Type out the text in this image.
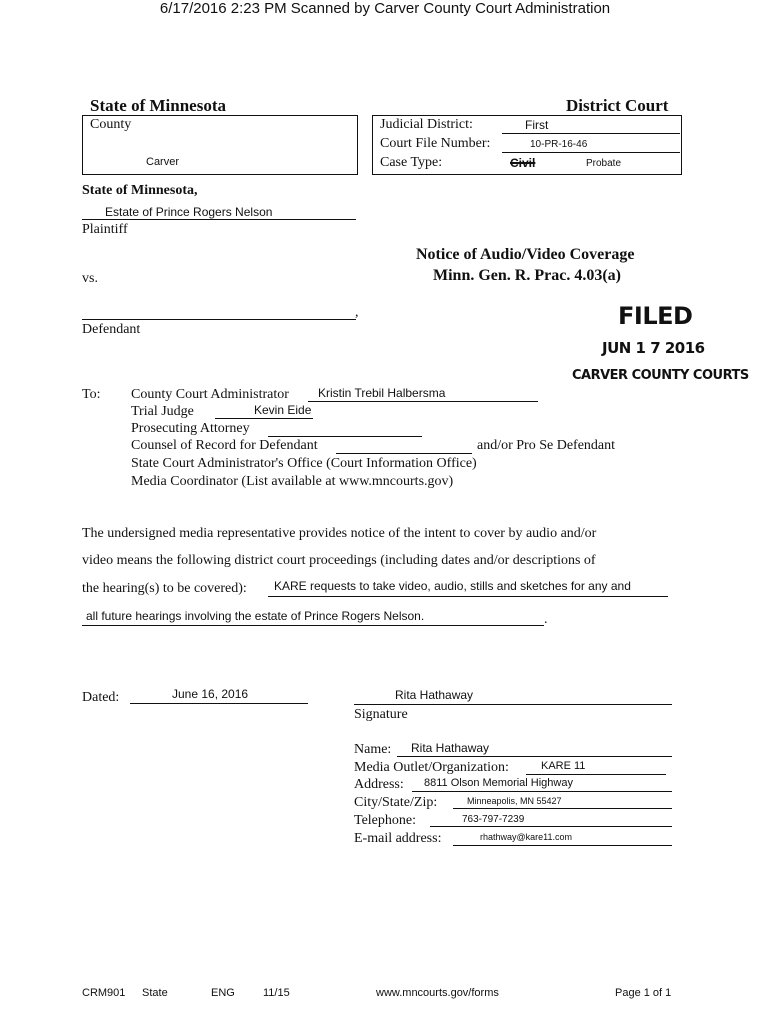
6/17/2016 2:23 PM Scanned by Carver County Court Administration
State of Minnesota	District Court
County
Carver
Judicial District:	First
Court File Number:	10-PR-16-46
Case Type:	Civil	Probate
State of Minnesota,
Estate of Prince Rogers Nelson
Plaintiff
vs.
,
Defendant
Notice of Audio/Video Coverage
Minn. Gen. R. Prac. 4.03(a)
FILED
JUN 1 7 2016
CARVER COUNTY COURTS
To: County Court Administrator Kristin Trebil Halbersma
Trial Judge	Kevin Eide
Prosecuting Attorney
Counsel of Record for Defendant	and/or Pro Se Defendant
State Court Administrator's Office (Court Information Office)
Media Coordinator (List available at www.mncourts.gov)
The undersigned media representative provides notice of the intent to cover by audio and/or
video means the following district court proceedings (including dates and/or descriptions of
the hearing(s) to be covered): KARE requests to take video, audio, stills and sketches for any and
all future hearings involving the estate of Prince Rogers Nelson.	.
Dated:	June 16, 2016	Rita Hathaway
Signature
Name: Rita Hathaway
Media Outlet/Organization:	KARE 11
Address: 8811 Olson Memorial Highway
City/State/Zip:	Minneapolis, MN 55427
Telephone:	763-797-7239
E-mail address:	rhathway@kare11.com
CRM901 State	ENG	11/15	www.mncourts.gov/forms	Page 1 of 1
